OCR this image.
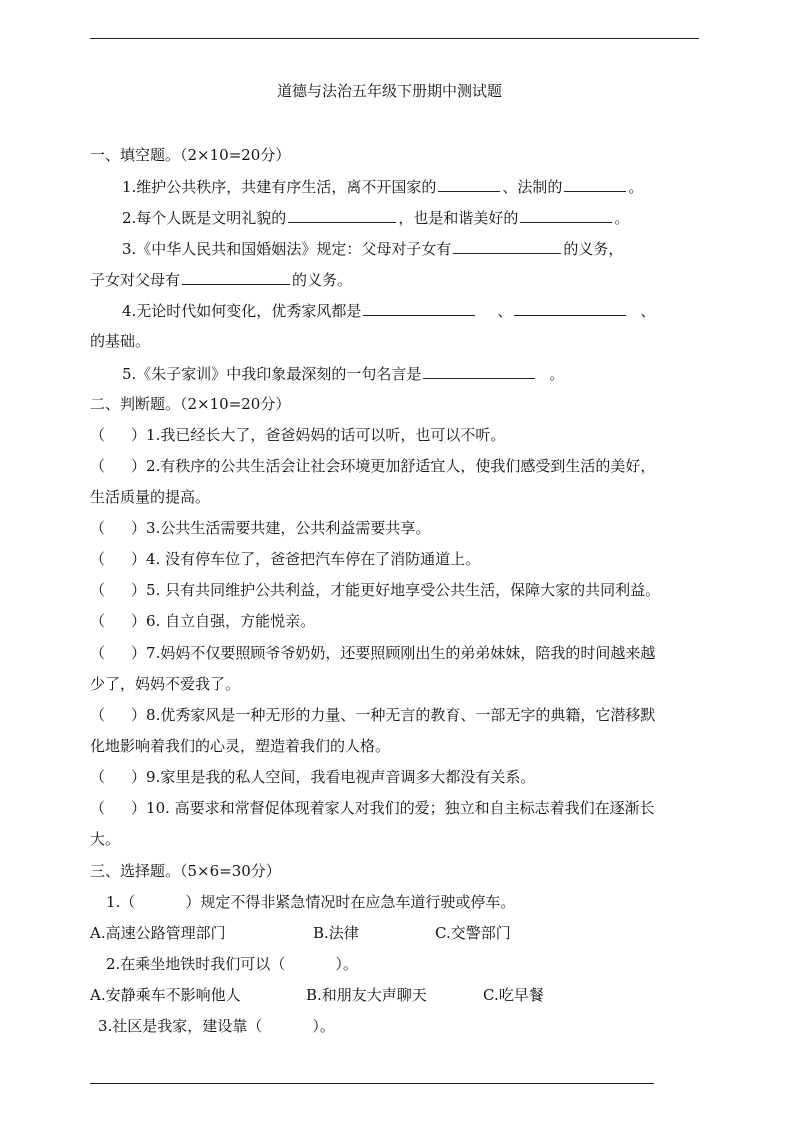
道德与法治五年级下册期中测试题
一、填空题。（2×10=20分）
1.维护公共秩序，共建有序生活，离不开国家的	、法制的	。
2.每个人既是文明礼貌的	，也是和谐美好的	。
3.《中华人民共和国婚姻法》规定：父母对子女有	的义务，
子女对父母有	的义务。
4.无论时代如何变化，优秀家风都是	、	、
的基础。
5.《朱子家训》中我印象最深刻的一句名言是	。
二、判断题。（2×10=20分）
（ ）1.我已经长大了，爸爸妈妈的话可以听，也可以不听。
（ ）2.有秩序的公共生活会让社会环境更加舒适宜人，使我们感受到生活的美好，
生活质量的提高。
（ ）3.公共生活需要共建，公共利益需要共享。
（ ）4. 没有停车位了，爸爸把汽车停在了消防通道上。
（ ）5. 只有共同维护公共利益，才能更好地享受公共生活，保障大家的共同利益。
（ ）6. 自立自强，方能悦亲。
（ ）7.妈妈不仅要照顾爷爷奶奶，还要照顾刚出生的弟弟妹妹，陪我的时间越来越
少了，妈妈不爱我了。
（ ）8.优秀家风是一种无形的力量、一种无言的教育、一部无字的典籍，它潜移默
化地影响着我们的心灵，塑造着我们的人格。
（ ）9.家里是我的私人空间，我看电视声音调多大都没有关系。
（ ）10. 高要求和常督促体现着家人对我们的爱；独立和自主标志着我们在逐渐长
大。
三、选择题。（5×6=30分）
1.（	）规定不得非紧急情况时在应急车道行驶或停车。
A.高速公路管理部门	B.法律	C.交警部门
2.在乘坐地铁时我们可以（	）。
A.安静乘车不影响他人	B.和朋友大声聊天	C.吃早餐
3.社区是我家，建设靠（	）。
